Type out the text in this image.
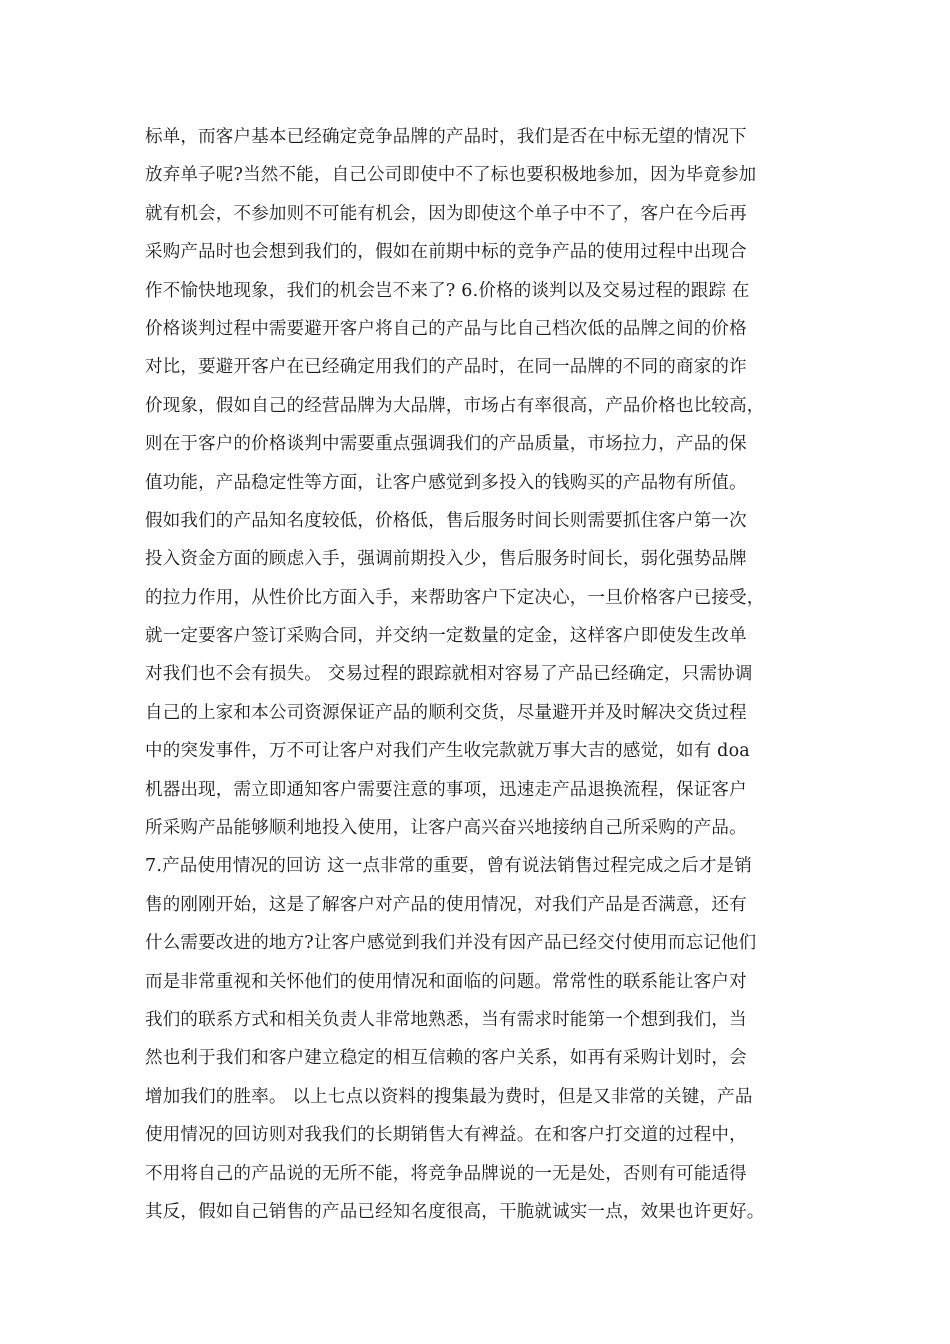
标单，而客户基本已经确定竞争品牌的产品时，我们是否在中标无望的情况下
放弃单子呢?当然不能，自己公司即使中不了标也要积极地参加，因为毕竟参加
就有机会，不参加则不可能有机会，因为即使这个单子中不了，客户在今后再
采购产品时也会想到我们的，假如在前期中标的竞争产品的使用过程中出现合
作不愉快地现象，我们的机会岂不来了? 6.价格的谈判以及交易过程的跟踪 在
价格谈判过程中需要避开客户将自己的产品与比自己档次低的品牌之间的价格
对比，要避开客户在已经确定用我们的产品时，在同一品牌的不同的商家的诈
价现象，假如自己的经营品牌为大品牌，市场占有率很高，产品价格也比较高，
则在于客户的价格谈判中需要重点强调我们的产品质量，市场拉力，产品的保
值功能，产品稳定性等方面，让客户感觉到多投入的钱购买的产品物有所值。
假如我们的产品知名度较低，价格低，售后服务时间长则需要抓住客户第一次
投入资金方面的顾虑入手，强调前期投入少，售后服务时间长，弱化强势品牌
的拉力作用，从性价比方面入手，来帮助客户下定决心，一旦价格客户已接受，
就一定要客户签订采购合同，并交纳一定数量的定金，这样客户即使发生改单
对我们也不会有损失。 交易过程的跟踪就相对容易了产品已经确定，只需协调
自己的上家和本公司资源保证产品的顺利交货，尽量避开并及时解决交货过程
中的突发事件，万不可让客户对我们产生收完款就万事大吉的感觉，如有 doa
机器出现，需立即通知客户需要注意的事项，迅速走产品退换流程，保证客户
所采购产品能够顺利地投入使用，让客户高兴奋兴地接纳自己所采购的产品。
7.产品使用情况的回访 这一点非常的重要，曾有说法销售过程完成之后才是销
售的刚刚开始，这是了解客户对产品的使用情况，对我们产品是否满意，还有
什么需要改进的地方?让客户感觉到我们并没有因产品已经交付使用而忘记他们
而是非常重视和关怀他们的使用情况和面临的问题。常常性的联系能让客户对
我们的联系方式和相关负责人非常地熟悉，当有需求时能第一个想到我们，当
然也利于我们和客户建立稳定的相互信赖的客户关系，如再有采购计划时，会
增加我们的胜率。 以上七点以资料的搜集最为费时，但是又非常的关键，产品
使用情况的回访则对我我们的长期销售大有裨益。在和客户打交道的过程中，
不用将自己的产品说的无所不能，将竞争品牌说的一无是处，否则有可能适得
其反，假如自己销售的产品已经知名度很高，干脆就诚实一点，效果也许更好。
